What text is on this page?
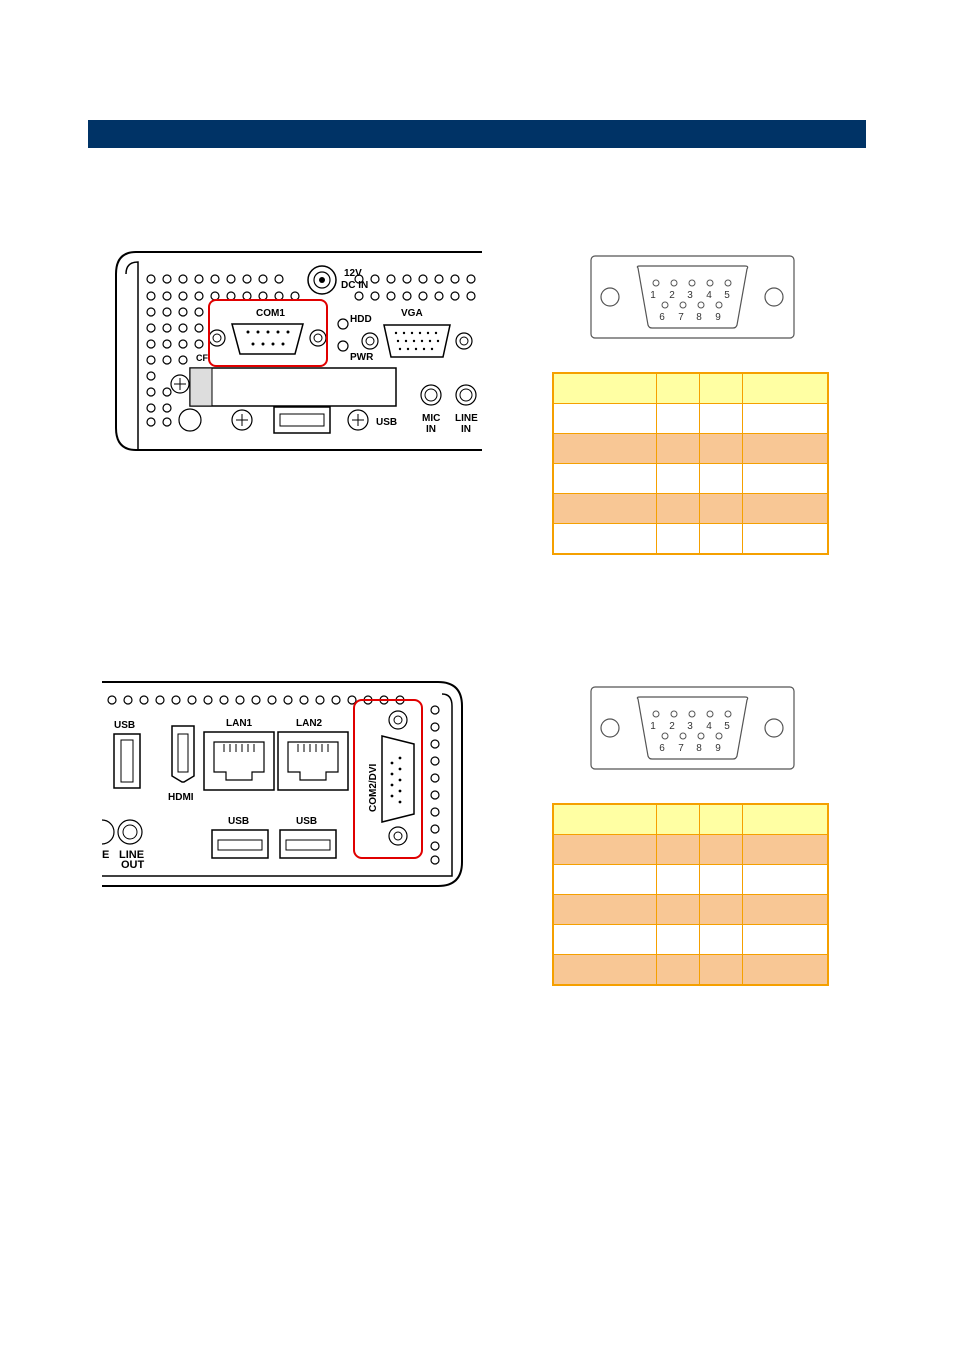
12V
DC IN
COM1
CF
HDD
PWR
VGA
USB MIC
IN
LINE
IN
1 2 3 4 5
6 7 8 9

USB
HDMI
LAN1	LAN2
USB	USB
E LINE
OUT
COM2/DVI
1 2 3 4 5
6 7 8 9
